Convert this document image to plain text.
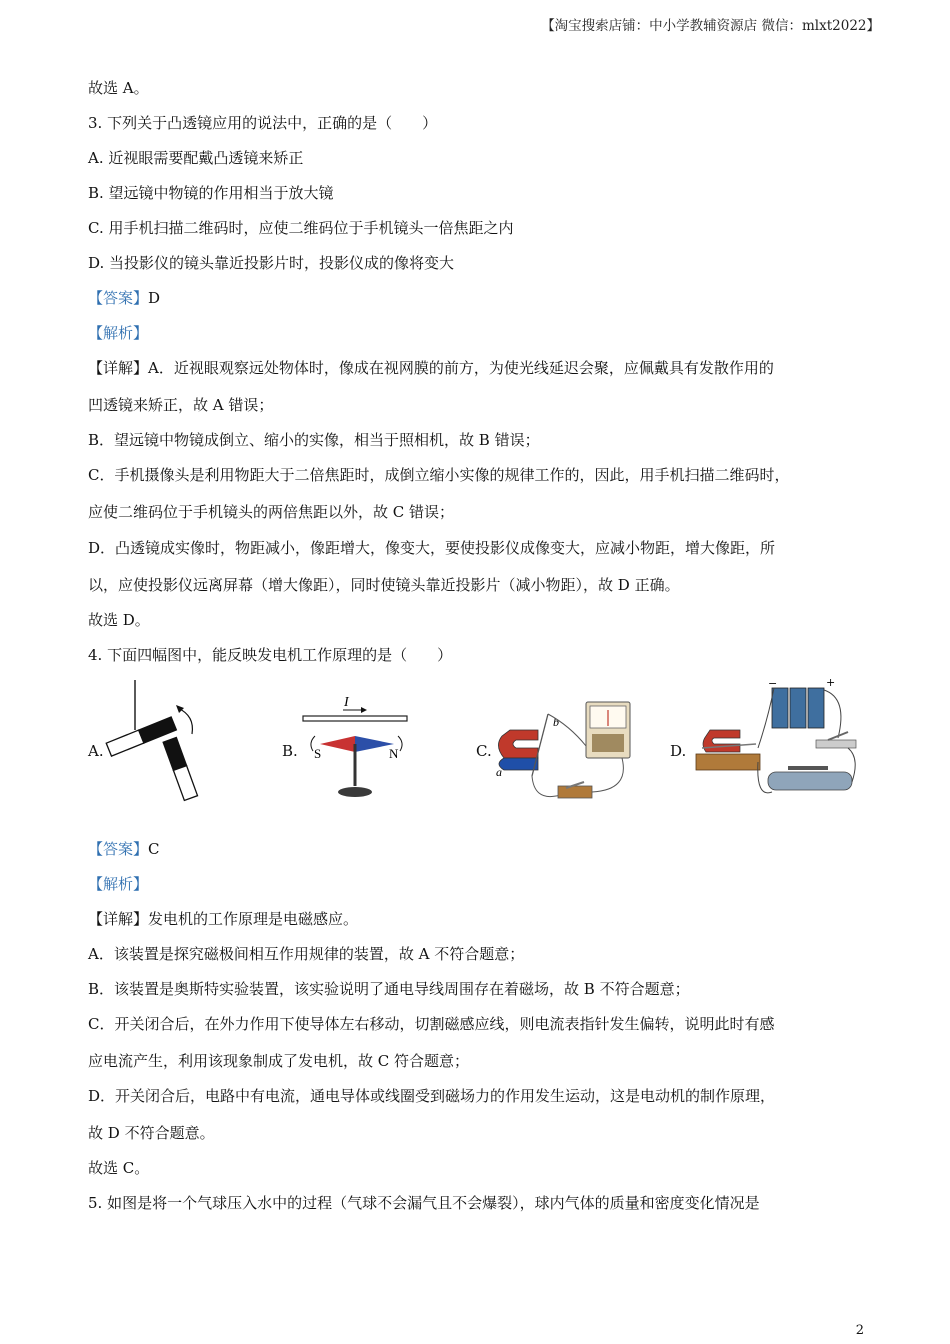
【淘宝搜索店铺：中小学教辅资源店 微信：mlxt2022】
故选 A。
3. 下列关于凸透镜应用的说法中，正确的是（　　）
A. 近视眼需要配戴凸透镜来矫正
B. 望远镜中物镜的作用相当于放大镜
C. 用手机扫描二维码时，应使二维码位于手机镜头一倍焦距之内
D. 当投影仪的镜头靠近投影片时，投影仪成的像将变大
【答案】D
【解析】
【详解】A．近视眼观察远处物体时，像成在视网膜的前方，为使光线延迟会聚，应佩戴具有发散作用的
凹透镜来矫正，故 A 错误；
B．望远镜中物镜成倒立、缩小的实像，相当于照相机，故 B 错误；
C．手机摄像头是利用物距大于二倍焦距时，成倒立缩小实像的规律工作的，因此，用手机扫描二维码时，
应使二维码位于手机镜头的两倍焦距以外，故 C 错误；
D．凸透镜成实像时，物距减小，像距增大，像变大，要使投影仪成像变大，应减小物距，增大像距，所
以，应使投影仪远离屏幕（增大像距），同时使镜头靠近投影片（减小物距），故 D 正确。
故选 D。
4. 下面四幅图中，能反映发电机工作原理的是（　　）
A.	B.
I
S	N	C.
b
a
D.
−	+
【答案】C
【解析】
【详解】发电机的工作原理是电磁感应。
A．该装置是探究磁极间相互作用规律的装置，故 A 不符合题意；
B．该装置是奥斯特实验装置，该实验说明了通电导线周围存在着磁场，故 B 不符合题意；
C．开关闭合后，在外力作用下使导体左右移动，切割磁感应线，则电流表指针发生偏转，说明此时有感
应电流产生，利用该现象制成了发电机，故 C 符合题意；
D．开关闭合后，电路中有电流，通电导体或线圈受到磁场力的作用发生运动，这是电动机的制作原理，
故 D 不符合题意。
故选 C。
5. 如图是将一个气球压入水中的过程（气球不会漏气且不会爆裂），球内气体的质量和密度变化情况是
2
